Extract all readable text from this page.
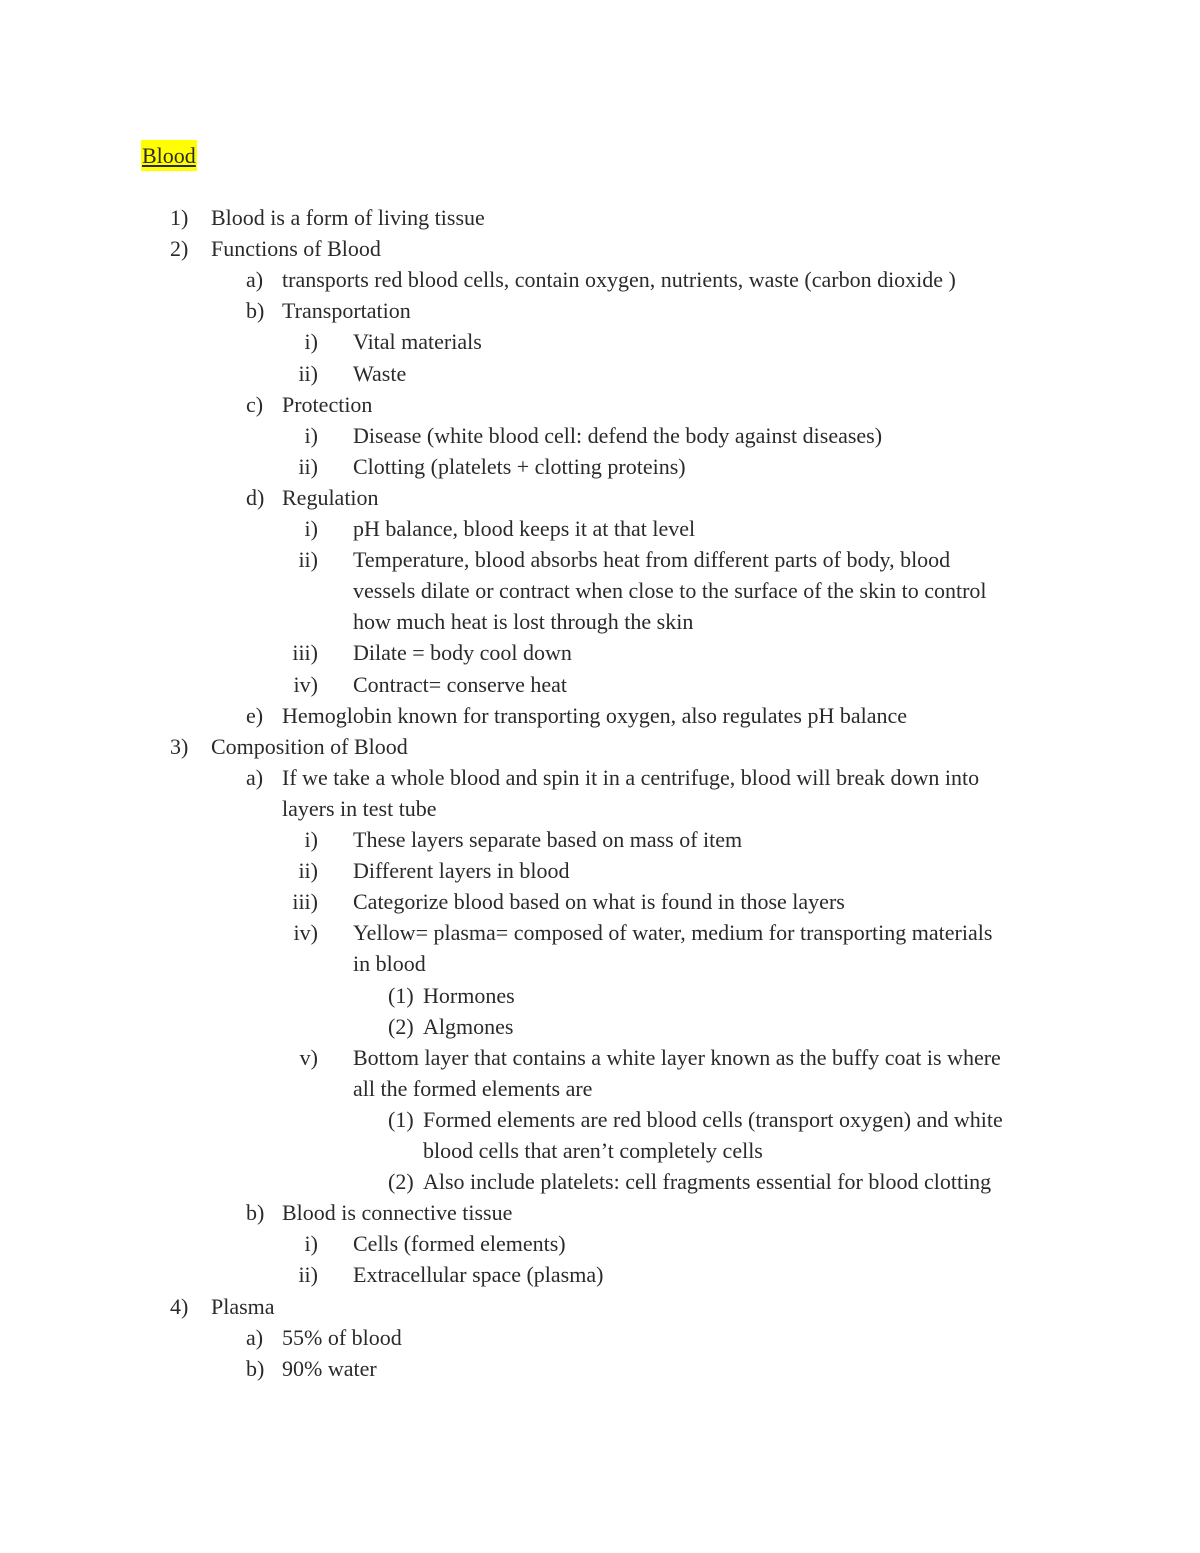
Blood
1) Blood is a form of living tissue
2) Functions of Blood
a) transports red blood cells, contain oxygen, nutrients, waste (carbon dioxide )
b) Transportation
i) Vital materials
ii) Waste
c) Protection
i) Disease (white blood cell: defend the body against diseases)
ii) Clotting (platelets + clotting proteins)
d) Regulation
i) pH balance, blood keeps it at that level
ii) Temperature, blood absorbs heat from different parts of body, blood
vessels dilate or contract when close to the surface of the skin to control
how much heat is lost through the skin
iii) Dilate = body cool down
iv) Contract= conserve heat
e) Hemoglobin known for transporting oxygen, also regulates pH balance
3) Composition of Blood
a) If we take a whole blood and spin it in a centrifuge, blood will break down into
layers in test tube
i) These layers separate based on mass of item
ii) Different layers in blood
iii) Categorize blood based on what is found in those layers
iv) Yellow= plasma= composed of water, medium for transporting materials
in blood
(1) Hormones
(2) Algmones
v) Bottom layer that contains a white layer known as the buffy coat is where
all the formed elements are
(1) Formed elements are red blood cells (transport oxygen) and white
blood cells that aren’t completely cells
(2) Also include platelets: cell fragments essential for blood clotting
b) Blood is connective tissue
i) Cells (formed elements)
ii) Extracellular space (plasma)
4) Plasma
a) 55% of blood
b) 90% water
